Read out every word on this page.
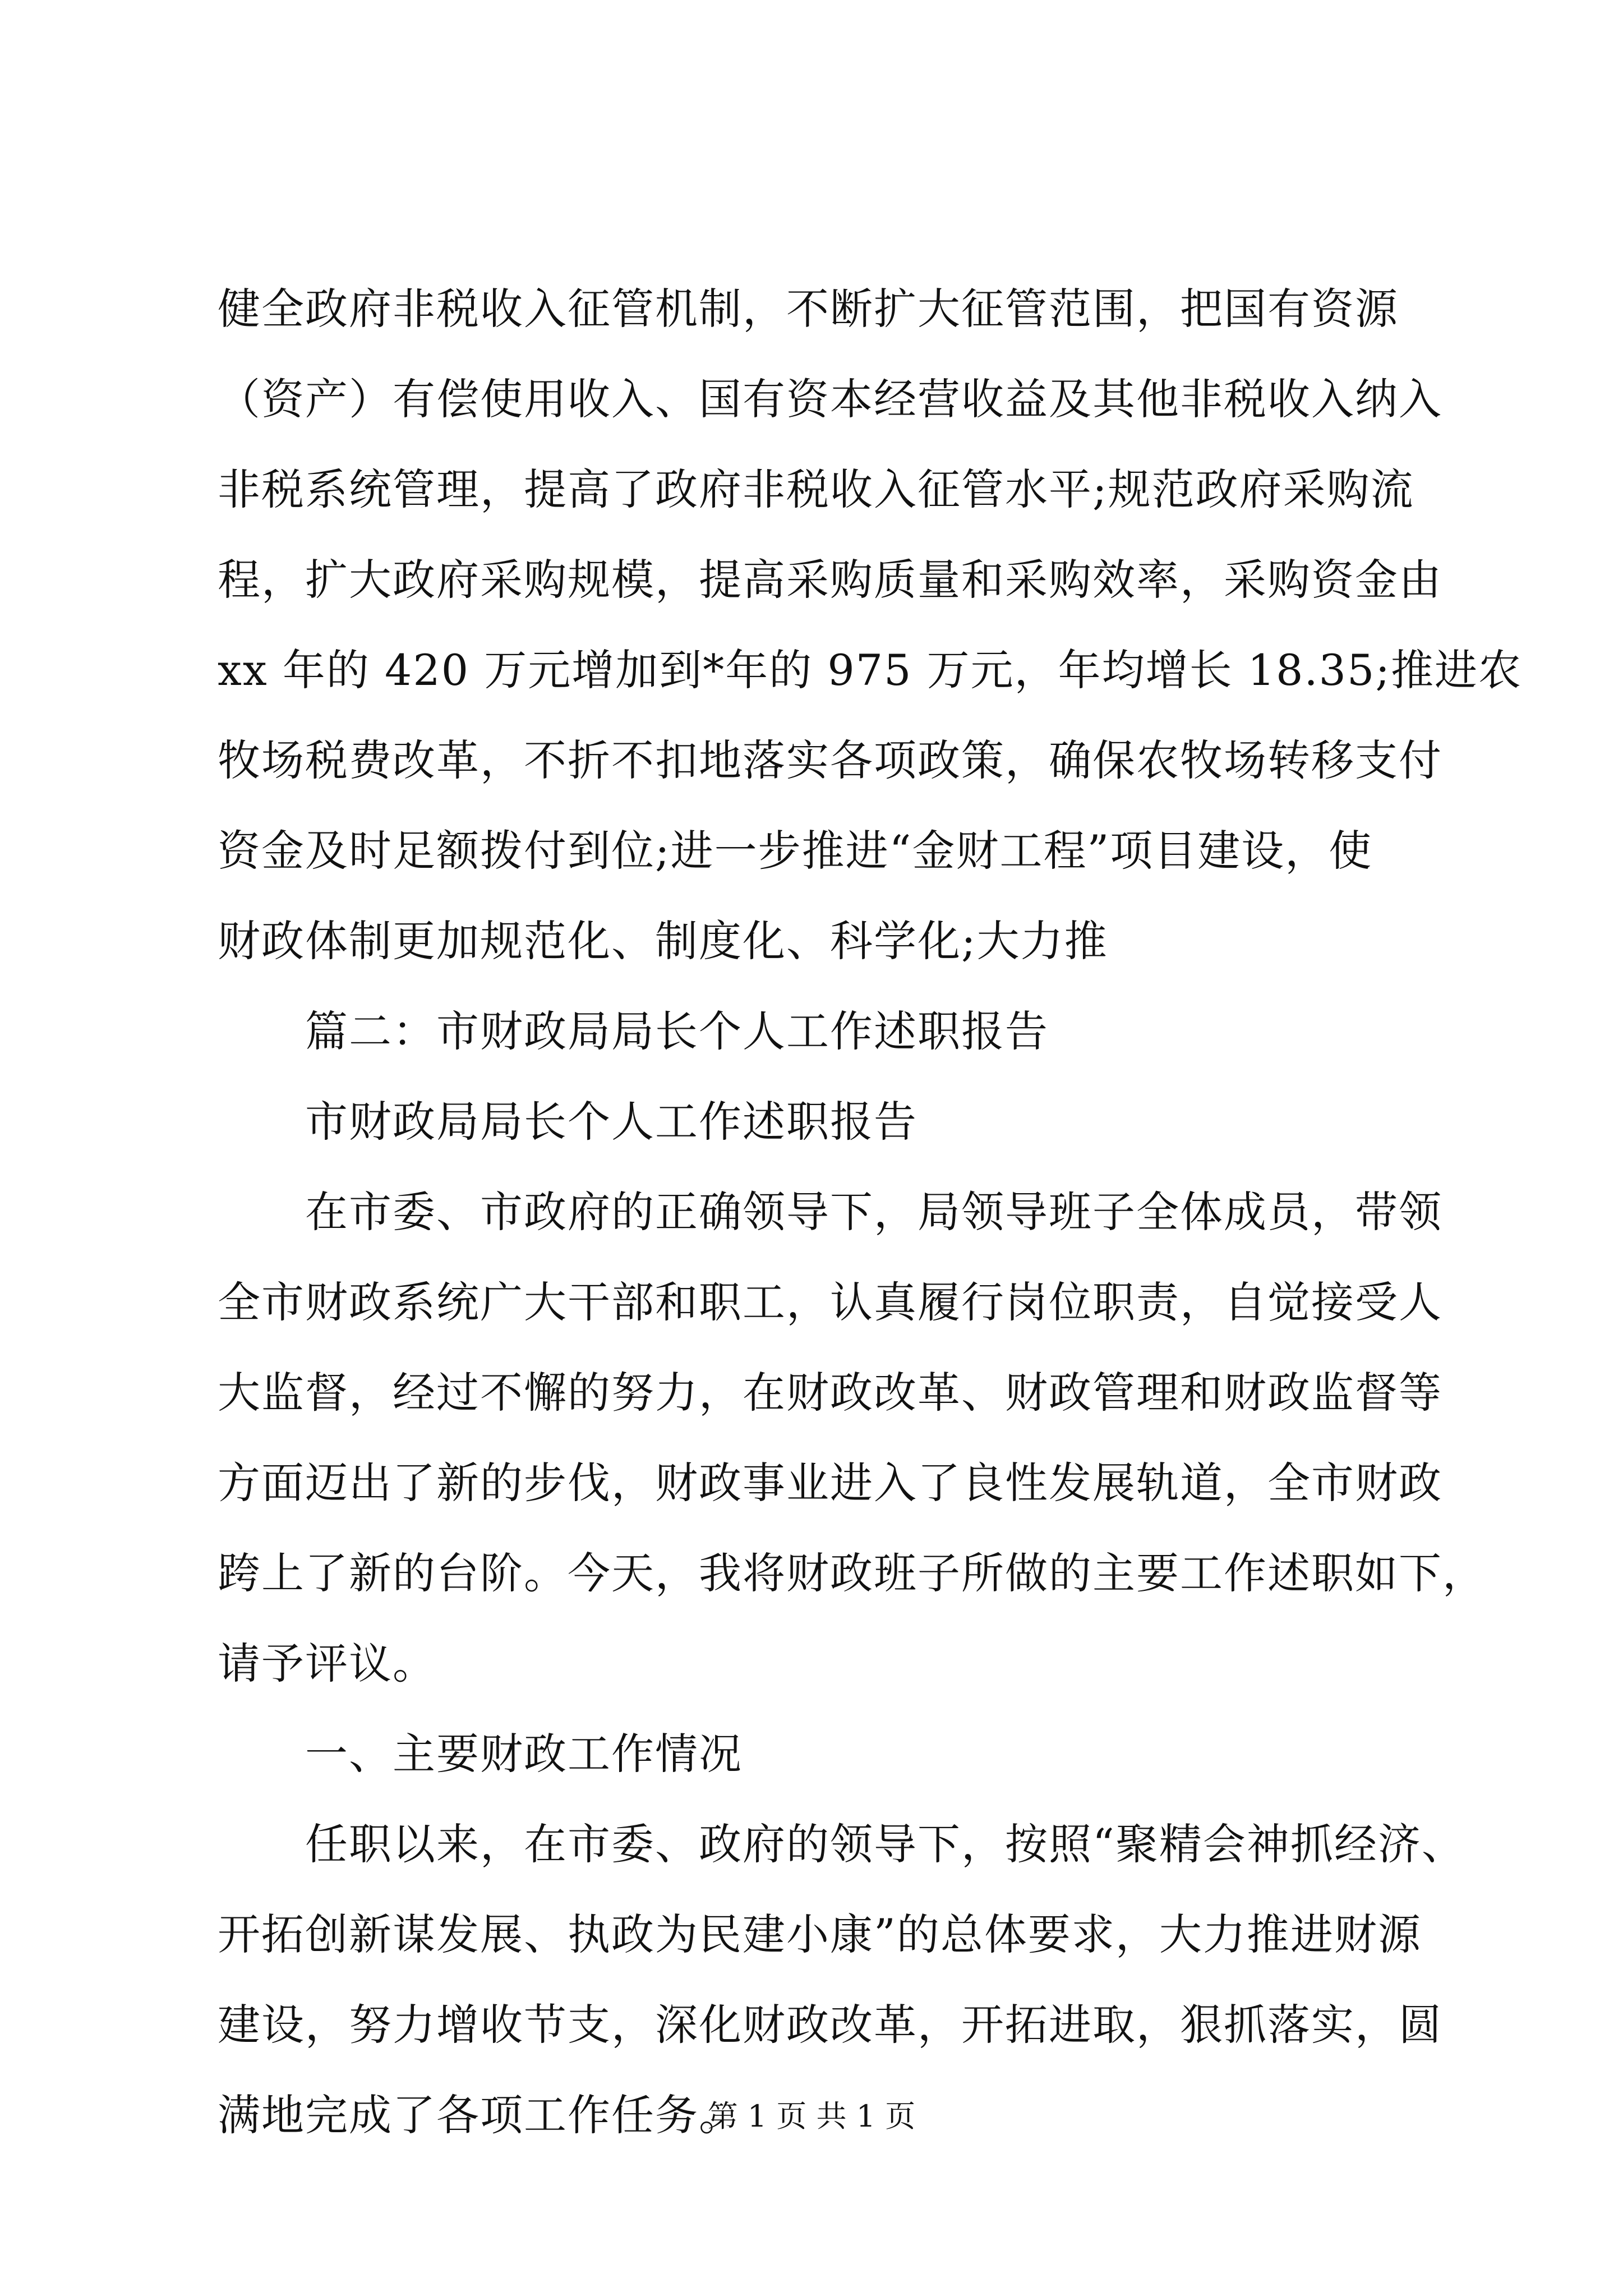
健全政府非税收入征管机制，不断扩大征管范围，把国有资源
（资产）有偿使用收入、国有资本经营收益及其他非税收入纳入
非税系统管理，提高了政府非税收入征管水平;规范政府采购流
程，扩大政府采购规模，提高采购质量和采购效率，采购资金由
xx 年的 420 万元增加到*年的 975 万元，年均增长 18.35;推进农
牧场税费改革，不折不扣地落实各项政策，确保农牧场转移支付
资金及时足额拨付到位;进一步推进“金财工程”项目建设，使
财政体制更加规范化、制度化、科学化;大力推
篇二：市财政局局长个人工作述职报告
市财政局局长个人工作述职报告
在市委、市政府的正确领导下，局领导班子全体成员，带领
全市财政系统广大干部和职工，认真履行岗位职责，自觉接受人
大监督，经过不懈的努力，在财政改革、财政管理和财政监督等
方面迈出了新的步伐，财政事业进入了良性发展轨道，全市财政
跨上了新的台阶。今天，我将财政班子所做的主要工作述职如下，
请予评议。
一、主要财政工作情况
任职以来，在市委、政府的领导下，按照“聚精会神抓经济、
开拓创新谋发展、执政为民建小康”的总体要求，大力推进财源
建设，努力增收节支，深化财政改革，开拓进取，狠抓落实，圆
满地完成了各项工作任务。
第 1 页 共 1 页
